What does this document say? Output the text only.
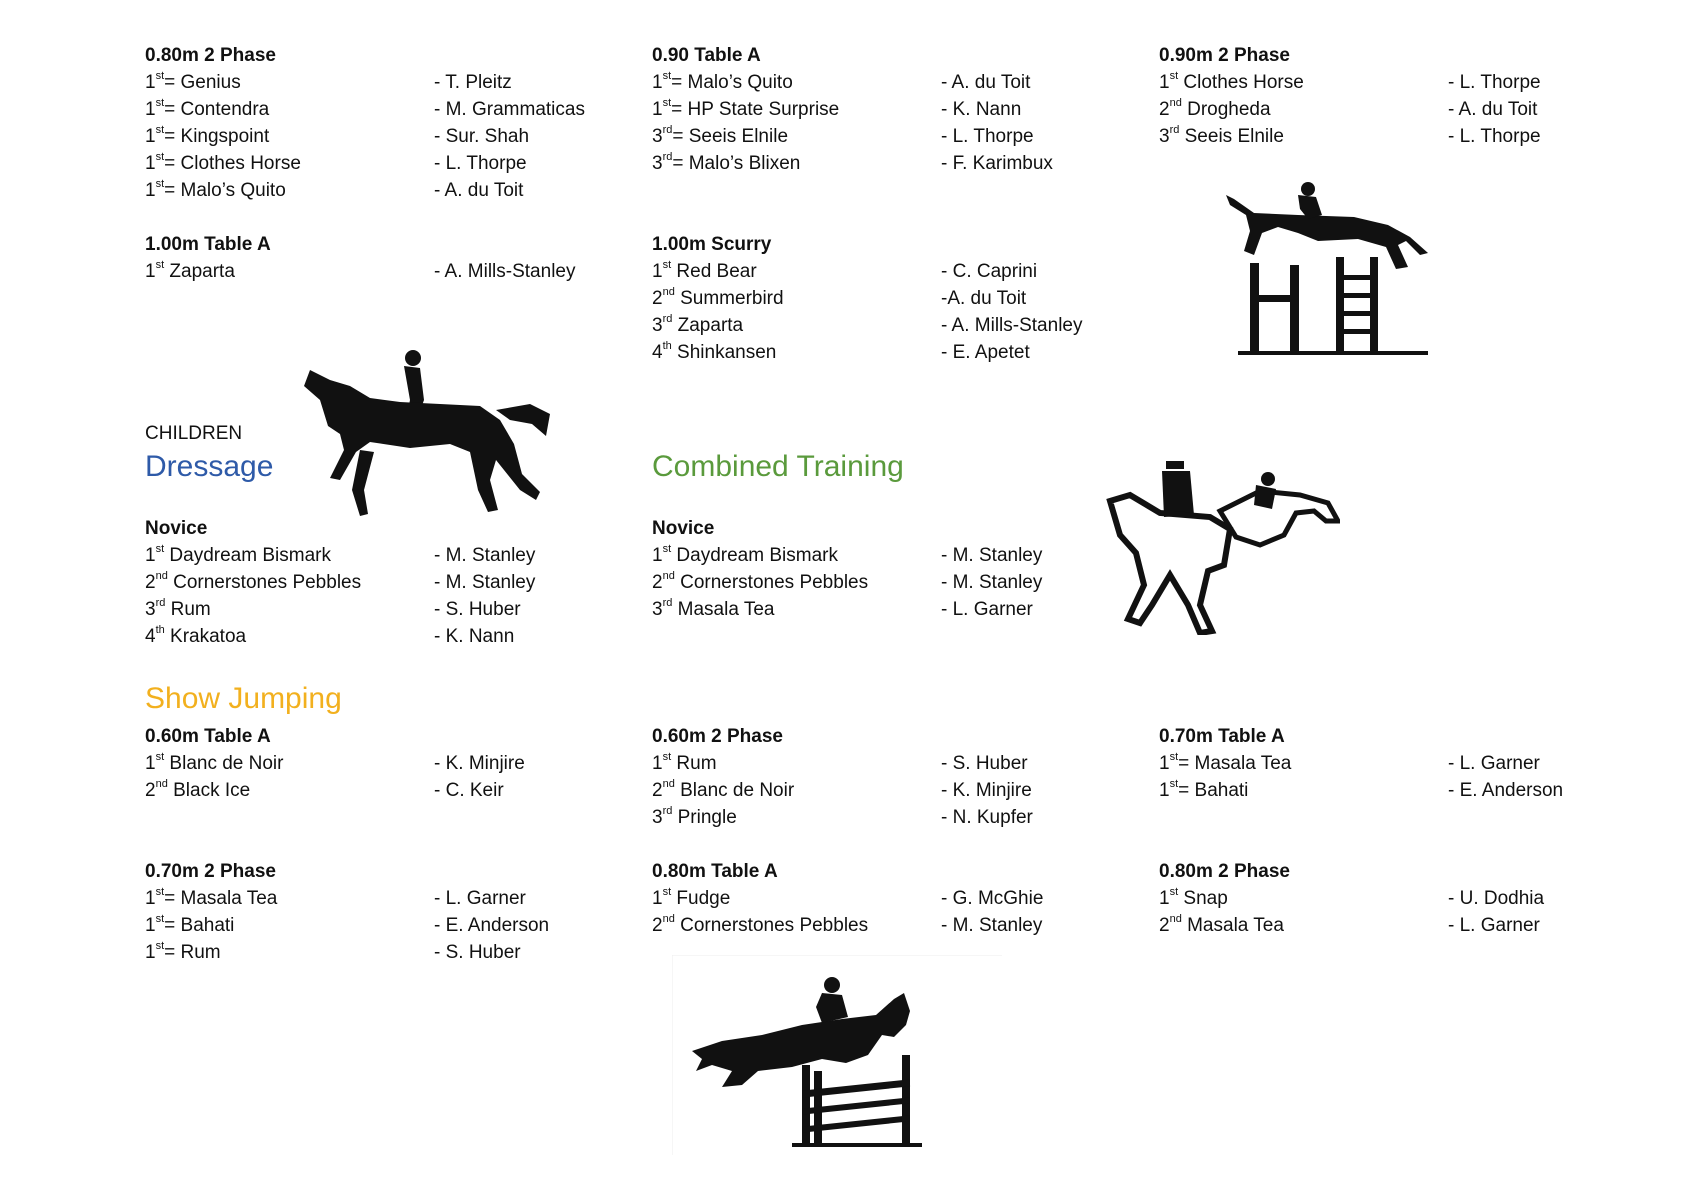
0.80m 2 Phase
1st= Genius	- T. Pleitz
1st= Contendra	- M. Grammaticas
1st= Kingspoint	- Sur. Shah
1st= Clothes Horse	- L. Thorpe
1st= Malo’s Quito	- A. du Toit
0.90 Table A
1st= Malo’s Quito	- A. du Toit
1st= HP State Surprise	- K. Nann
3rd= Seeis Elnile	- L. Thorpe
3rd= Malo’s Blixen	- F. Karimbux
0.90m 2 Phase
1st Clothes Horse	- L. Thorpe
2nd Drogheda	- A. du Toit
3rd Seeis Elnile	- L. Thorpe
1.00m Table A
1st Zaparta	- A. Mills-Stanley
1.00m Scurry
1st Red Bear	- C. Caprini
2nd Summerbird	-A. du Toit
3rd Zaparta	- A. Mills-Stanley
4th Shinkansen	- E. Apetet
CHILDREN
Dressage	Combined Training
Novice
1st Daydream Bismark	- M. Stanley
2nd Cornerstones Pebbles	- M. Stanley
3rd Rum	- S. Huber
4th Krakatoa	- K. Nann
Novice
1st Daydream Bismark	- M. Stanley
2nd Cornerstones Pebbles	- M. Stanley
3rd Masala Tea	- L. Garner
Show Jumping
0.60m Table A
1st Blanc de Noir	- K. Minjire
2nd Black Ice	- C. Keir
0.60m 2 Phase
1st Rum	- S. Huber
2nd Blanc de Noir	- K. Minjire
3rd Pringle	- N. Kupfer
0.70m Table A
1st= Masala Tea	- L. Garner
1st= Bahati	- E. Anderson
0.70m 2 Phase
1st= Masala Tea	- L. Garner
1st= Bahati	- E. Anderson
1st= Rum	- S. Huber
0.80m Table A
1st Fudge	- G. McGhie
2nd Cornerstones Pebbles	- M. Stanley
0.80m 2 Phase
1st Snap	- U. Dodhia
2nd Masala Tea	- L. Garner
